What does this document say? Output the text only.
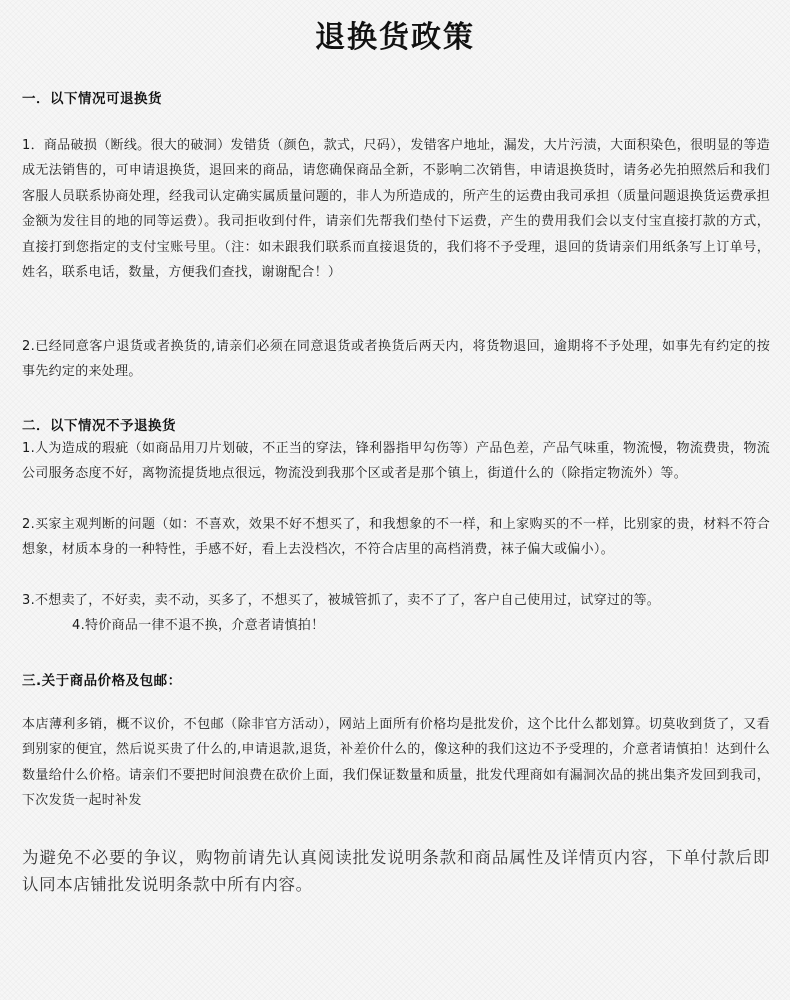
退换货政策
一．以下情况可退换货

1．商品破损（断线。很大的破洞）发错货（颜色，款式，尺码），发错客户地址，漏发，大片污渍，大面积染色，很明显的等造成无法销售的，可申请退换货，退回来的商品，请您确保商品全新，不影响二次销售，申请退换货时，请务必先拍照然后和我们客服人员联系协商处理，经我司认定确实属质量问题的，非人为所造成的，所产生的运费由我司承担（质量问题退换货运费承担金额为发往目的地的同等运费）。我司拒收到付件，请亲们先帮我们垫付下运费，产生的费用我们会以支付宝直接打款的方式，直接打到您指定的支付宝账号里。（注：如未跟我们联系而直接退货的，我们将不予受理，退回的货请亲们用纸条写上订单号，姓名，联系电话，数量，方便我们查找，谢谢配合！）

2.已经同意客户退货或者换货的,请亲们必须在同意退货或者换货后两天内，将货物退回，逾期将不予处理，如事先有约定的按事先约定的来处理。

二．以下情况不予退换货

1.人为造成的瑕疵（如商品用刀片划破，不正当的穿法，锋利器指甲勾伤等）产品色差，产品气味重，物流慢，物流费贵，物流公司服务态度不好，离物流提货地点很远，物流没到我那个区或者是那个镇上，街道什么的（除指定物流外）等。

2.买家主观判断的问题（如：不喜欢，效果不好不想买了，和我想象的不一样，和上家购买的不一样，比别家的贵，材料不符合想象，材质本身的一种特性，手感不好，看上去没档次，不符合店里的高档消费，袜子偏大或偏小）。

3.不想卖了，不好卖，卖不动，买多了，不想买了，被城管抓了，卖不了了，客户自己使用过，试穿过的等。

4.特价商品一律不退不换，介意者请慎拍！

三.关于商品价格及包邮：

本店薄利多销，概不议价，不包邮（除非官方活动），网站上面所有价格均是批发价，这个比什么都划算。切莫收到货了，又看到别家的便宜，然后说买贵了什么的,申请退款,退货，补差价什么的，像这种的我们这边不予受理的，介意者请慎拍！达到什么数量给什么价格。请亲们不要把时间浪费在砍价上面，我们保证数量和质量，批发代理商如有漏洞次品的挑出集齐发回到我司，下次发货一起时补发

为避免不必要的争议，购物前请先认真阅读批发说明条款和商品属性及详情页内容，下单付款后即认同本店铺批发说明条款中所有内容。
